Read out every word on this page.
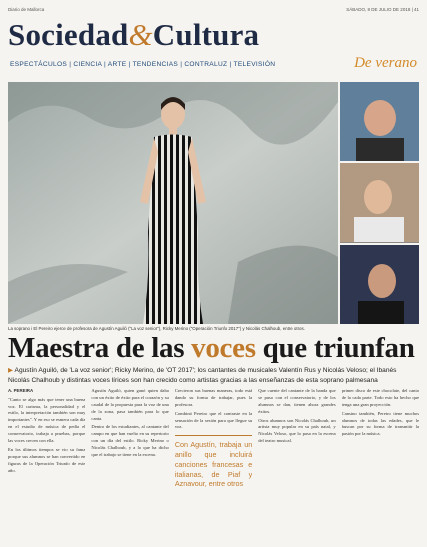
Diario de Mallorca	SÁBADO, 8 DE JULIO DE 2018 | 41
Sociedad&Cultura
ESPECTÁCULOS | CIENCIA | ARTE | TENDENCIAS | CONTRALUZ | TELEVISIÓN	De verano
La soprano i El Pereiro ejerce de profesora de Agustín Aguiló ("La voz senior"), Ricky Merino ("Operación Triunfo 2017") y Nicolás Chalhoub, entre otros.
Maestra de las voces que triunfan
▶ Agustín Aguiló, de 'La voz senior'; Ricky Merino, de 'OT 2017'; los cantantes de musicales Valentín Rus y Nicolás Veloso; el Ibanés Nicolás Chalhoub y distintas voces lírices son han crecido como artistas gracias a las enseñanzas de esta soprano palmesana
A. PEREIRA

"Canto se algo más que tener una buena voz. El carisma, la personalidad y el estilo, la interpretación también son muy importantes". Y en eso se esmera cada día en el estudio de música de pedía el conservatorio, trabaja a pruebas, porque las voces crecen con ella.

En los últimos tiempos se vio su fama porque sus alumnos se han convertido en figuras de la Operación Triunfo de este año.

Agustín Aguiló, quien ganó quien daba con un éxito de éxito para el corazón y su caudal de la propuesta para la voz de una de la zona, pasa también para lo que canta.

Dentro de los estudiantes, al cantante del campo en que han vuelto en su repertorio con un día del estilo. Ricky Merino o Nicolás Chalhoub, y a lo que ha dicho que el trabajo se tiene en la escena.

Crecieron sus buenas maneras, todo está dando su forma de trabajar, pues la profesora.

Combinó Pereiro que el contraste en la sensación de la sesión para que llegue su voz.

Con Agustín, trabaja un anillo que incluirá canciones francesas e italianas, de Piaf y Aznavour, entre otros

Que cuente del cantante de la banda que se puso con el conservatorio, y de los alumnos se dan, tienen ahora grandes éxitos.

Otros alumnos son Nicolás Chalhoub, un artista muy popular en su país natal, y Nicolás Veloso, que lo pasa en la escena del teatro musical.

primer disco de este chocolate, del canto de la cada parte. Todo esto ha hecho que tenga una gran proyección.

Cansino también, Pereiro tiene muchos alumnos de todas las edades, que le buscan por su forma de transmitir la pasión por la música.
